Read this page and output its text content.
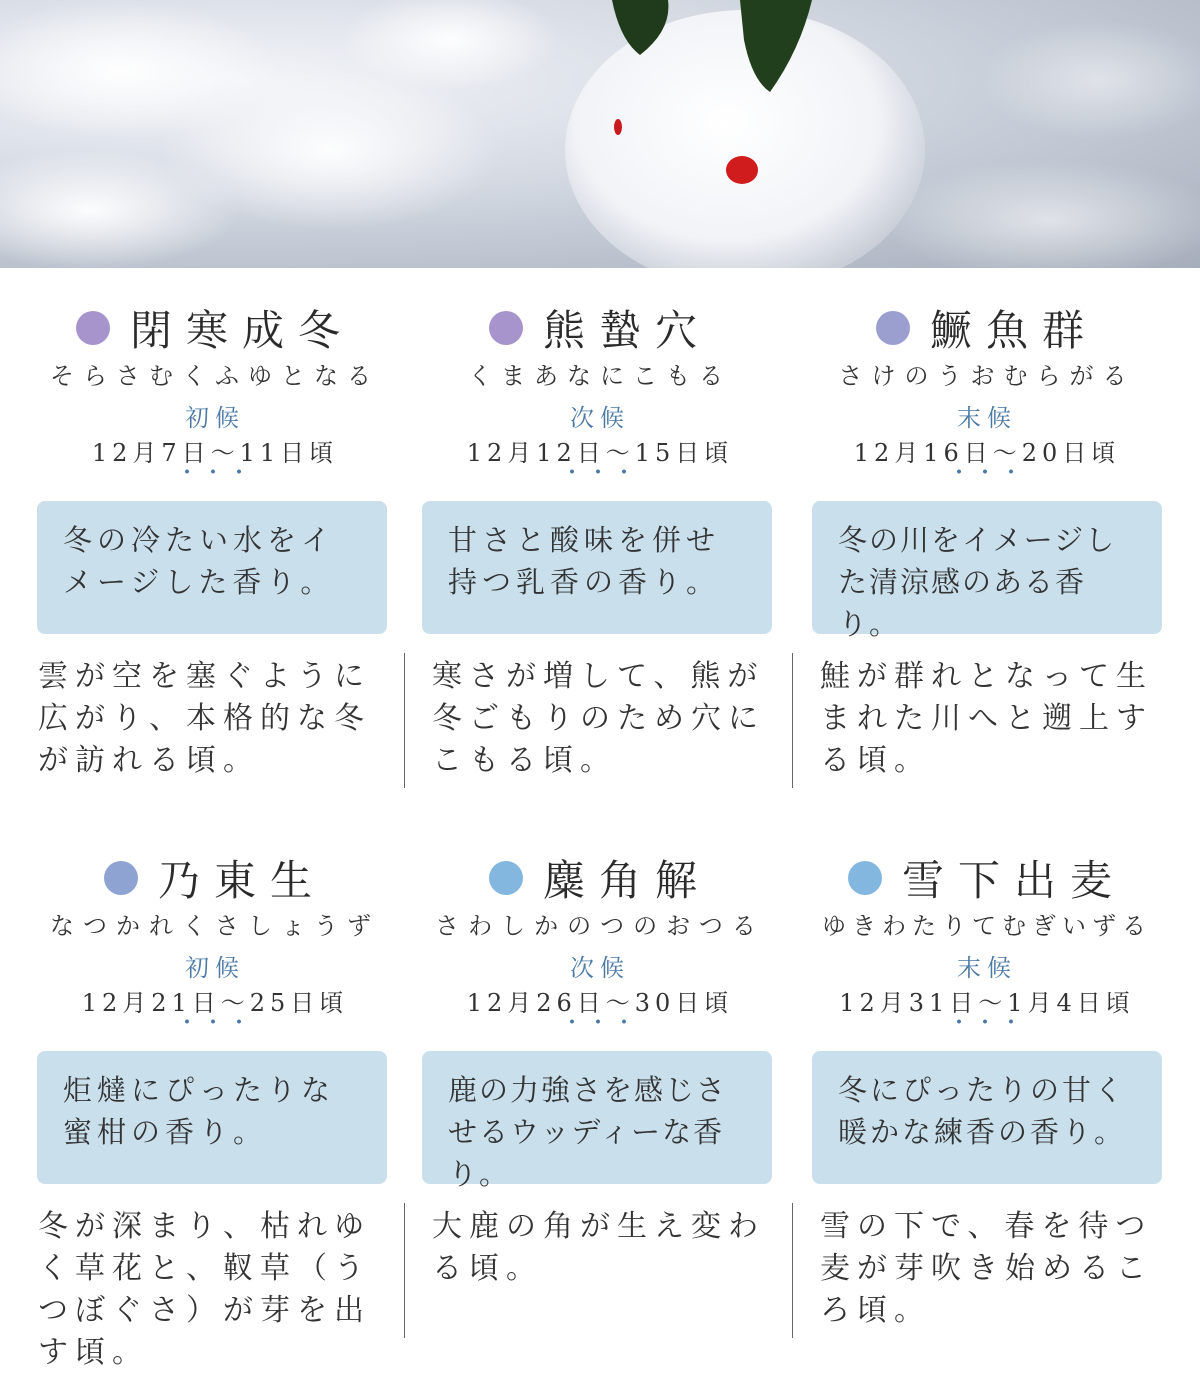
閉寒成冬
そらさむくふゆとなる
初候
12月7日〜11日頃
・・・
冬の冷たい水をイメージした香り。
雲が空を塞ぐように広がり、本格的な冬が訪れる頃。
熊蟄穴
くまあなにこもる
次候
12月12日〜15日頃
・・・
甘さと酸味を併せ持つ乳香の香り。
寒さが増して、熊が冬ごもりのため穴にこもる頃。
鱖魚群
さけのうおむらがる
末候
12月16日〜20日頃
・・・
冬の川をイメージした清涼感のある香り。
鮭が群れとなって生まれた川へと遡上する頃。
乃東生
なつかれくさしょうず
初候
12月21日〜25日頃
・・・
炬燵にぴったりな蜜柑の香り。
冬が深まり、枯れゆく草花と、靫草（うつぼぐさ）が芽を出す頃。
麋角解
さわしかのつのおつる
次候
12月26日〜30日頃
・・・
鹿の力強さを感じさせるウッディーな香り。
大鹿の角が生え変わる頃。
雪下出麦
ゆきわたりてむぎいずる
末候
12月31日〜1月4日頃
・・・
冬にぴったりの甘く暖かな練香の香り。
雪の下で、春を待つ麦が芽吹き始めるころ頃。
